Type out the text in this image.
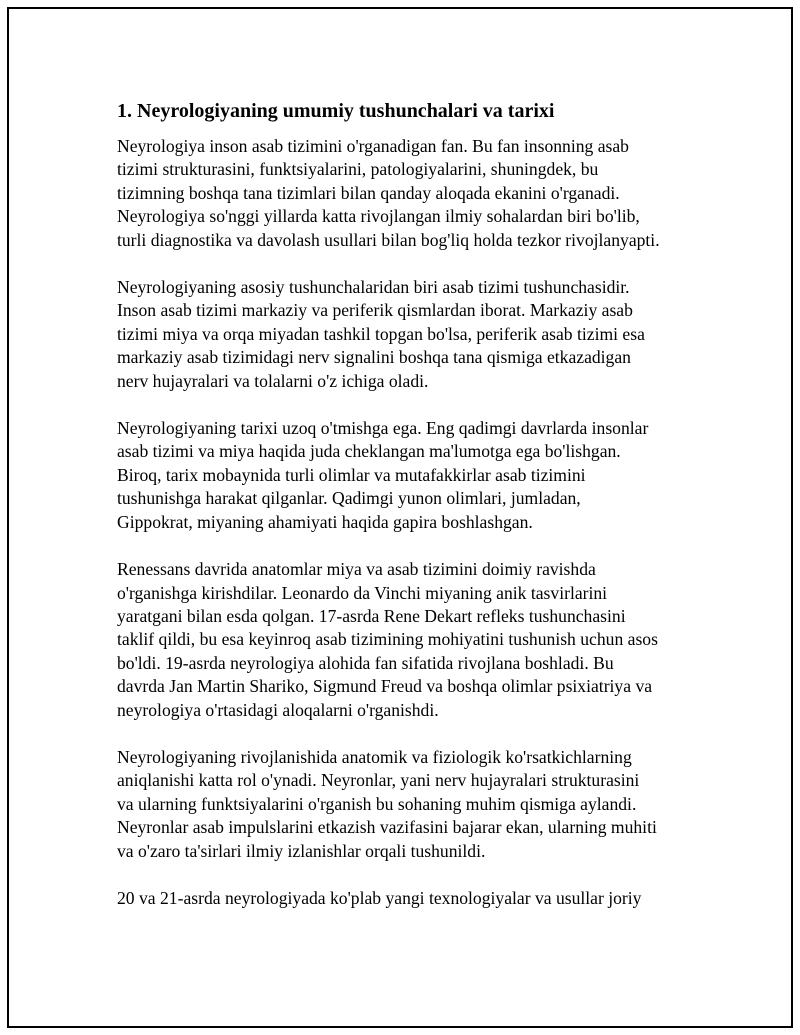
1. Neyrologiyaning umumiy tushunchalari va tarixi

Neyrologiya inson asab tizimini o'rganadigan fan. Bu fan insonning asab
tizimi strukturasini, funktsiyalarini, patologiyalarini, shuningdek, bu
tizimning boshqa tana tizimlari bilan qanday aloqada ekanini o'rganadi.
Neyrologiya so'nggi yillarda katta rivojlangan ilmiy sohalardan biri bo'lib,
turli diagnostika va davolash usullari bilan bog'liq holda tezkor rivojlanyapti.

Neyrologiyaning asosiy tushunchalaridan biri asab tizimi tushunchasidir.
Inson asab tizimi markaziy va periferik qismlardan iborat. Markaziy asab
tizimi miya va orqa miyadan tashkil topgan bo'lsa, periferik asab tizimi esa
markaziy asab tizimidagi nerv signalini boshqa tana qismiga etkazadigan
nerv hujayralari va tolalarni o'z ichiga oladi.

Neyrologiyaning tarixi uzoq o'tmishga ega. Eng qadimgi davrlarda insonlar
asab tizimi va miya haqida juda cheklangan ma'lumotga ega bo'lishgan.
Biroq, tarix mobaynida turli olimlar va mutafakkirlar asab tizimini
tushunishga harakat qilganlar. Qadimgi yunon olimlari, jumladan,
Gippokrat, miyaning ahamiyati haqida gapira boshlashgan.

Renessans davrida anatomlar miya va asab tizimini doimiy ravishda
o'rganishga kirishdilar. Leonardo da Vinchi miyaning anik tasvirlarini
yaratgani bilan esda qolgan. 17-asrda Rene Dekart refleks tushunchasini
taklif qildi, bu esa keyinroq asab tizimining mohiyatini tushunish uchun asos
bo'ldi. 19-asrda neyrologiya alohida fan sifatida rivojlana boshladi. Bu
davrda Jan Martin Shariko, Sigmund Freud va boshqa olimlar psixiatriya va
neyrologiya o'rtasidagi aloqalarni o'rganishdi.

Neyrologiyaning rivojlanishida anatomik va fiziologik ko'rsatkichlarning
aniqlanishi katta rol o'ynadi. Neyronlar, yani nerv hujayralari strukturasini
va ularning funktsiyalarini o'rganish bu sohaning muhim qismiga aylandi.
Neyronlar asab impulslarini etkazish vazifasini bajarar ekan, ularning muhiti
va o'zaro ta'sirlari ilmiy izlanishlar orqali tushunildi.

20 va 21-asrda neyrologiyada ko'plab yangi texnologiyalar va usullar joriy
